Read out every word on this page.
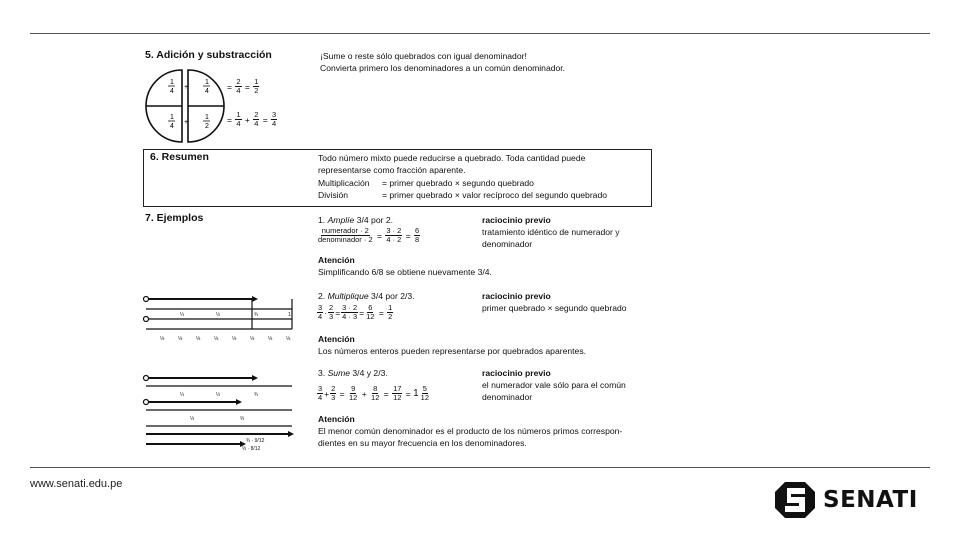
5. Adición y substracción	¡Sume o reste sólo quebrados con igual denominador!
Convierta primero los denominadores a un común denominador.
1
4
1
4
1
4
1
2
+
+
= $\frac{2}{4} = \frac{1}{2}$
= $\frac{1}{4} + \frac{2}{4} = \frac{3}{4}$
6. Resumen	Todo número mixto puede reducirse a quebrado. Toda cantidad puede
representarse como fracción aparente.
Multiplicación = primer quebrado × segundo quebrado
División	= primer quebrado × valor recíproco del segundo quebrado
7. Ejemplos	1. Amplíe 3/4 por 2.
$\frac{\text{numerador · 2}}{\text{denominador · 2}} = \frac{3 \cdot 2}{4 \cdot 2} = \frac{6}{8}$
raciocinio previo
tratamiento idéntico de numerador y
denominador
Atención
Simplificando 6/8 se obtiene nuevamente 3/4.
2. Multiplique 3/4 por 2/3.
$\frac{3}{4} \cdot \frac{2}{3} = \frac{3 \cdot 2}{4 \cdot 3} = \frac{6}{12} = \frac{1}{2}$
raciocinio previo
primer quebrado × segundo quebrado
Atención
Los números enteros pueden representarse por quebrados aparentes.
3. Sume 3/4 y 2/3.
$\frac{3}{4} + \frac{2}{3} = \frac{9}{12} + \frac{8}{12} = \frac{17}{12} = 1 \frac{5}{12}$
raciocinio previo
el numerador vale sólo para el común
denominador
Atención
El menor común denominador es el producto de los números primos correspon-
dientes en su mayor frecuencia en los denominadores.
¼	½	¾	1
⅛	⅛	⅛	⅛	⅛	⅛	⅛	⅛
¼	½	¾
⅓	⅔
¾ · 9/12
⅔ · 8/12
www.senati.edu.pe
SENATI
